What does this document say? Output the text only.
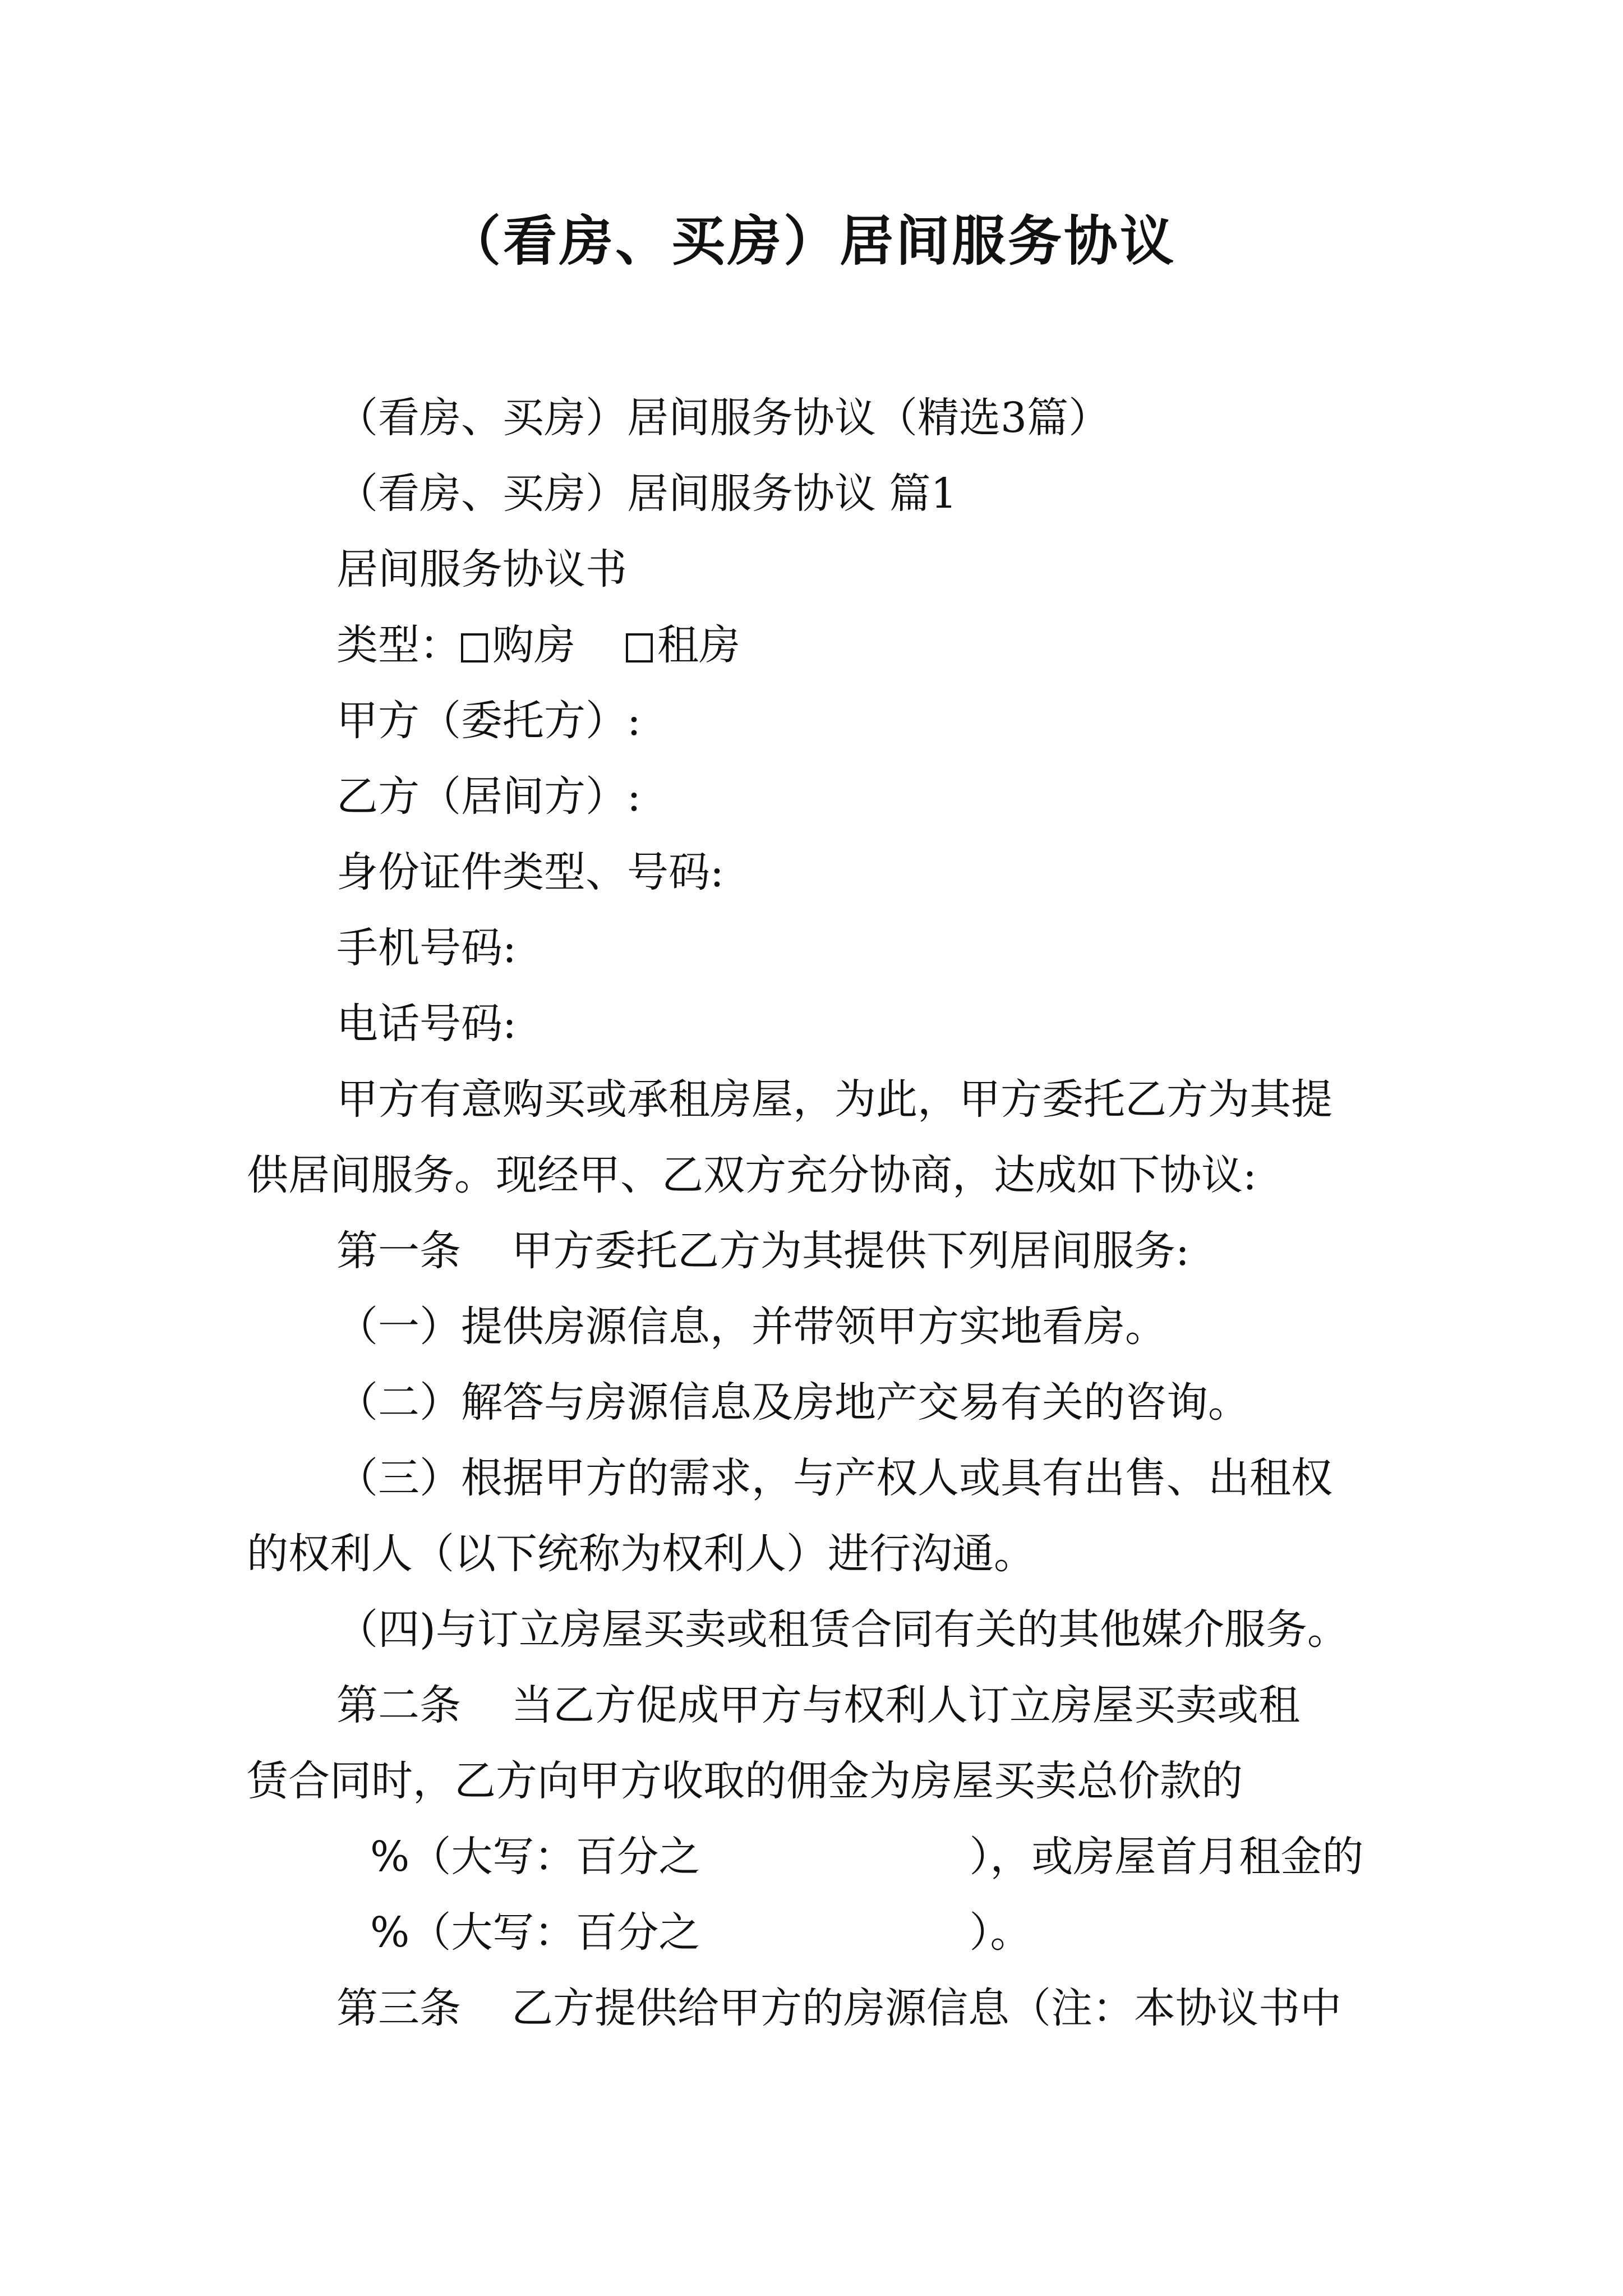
（看房、买房）居间服务协议

（看房、买房）居间服务协议（精选3篇）

（看房、买房）居间服务协议 篇1

居间服务协议书

类型： 购房 租房

甲方（委托方）:

乙方（居间方）:

身份证件类型、号码:

手机号码:

电话号码:

甲方有意购买或承租房屋，为此，甲方委托乙方为其提

供居间服务。现经甲、乙双方充分协商，达成如下协议:

第一条 甲方委托乙方为其提供下列居间服务:

（一）提供房源信息，并带领甲方实地看房。

（二）解答与房源信息及房地产交易有关的咨询。

（三）根据甲方的需求，与产权人或具有出售、出租权

的权利人（以下统称为权利人）进行沟通。

（四)与订立房屋买卖或租赁合同有关的其他媒介服务。

第二条 当乙方促成甲方与权利人订立房屋买卖或租

赁合同时，乙方向甲方收取的佣金为房屋买卖总价款的

%（大写：百分之	），或房屋首月租金的

%（大写：百分之	）。

第三条 乙方提供给甲方的房源信息（注：本协议书中
